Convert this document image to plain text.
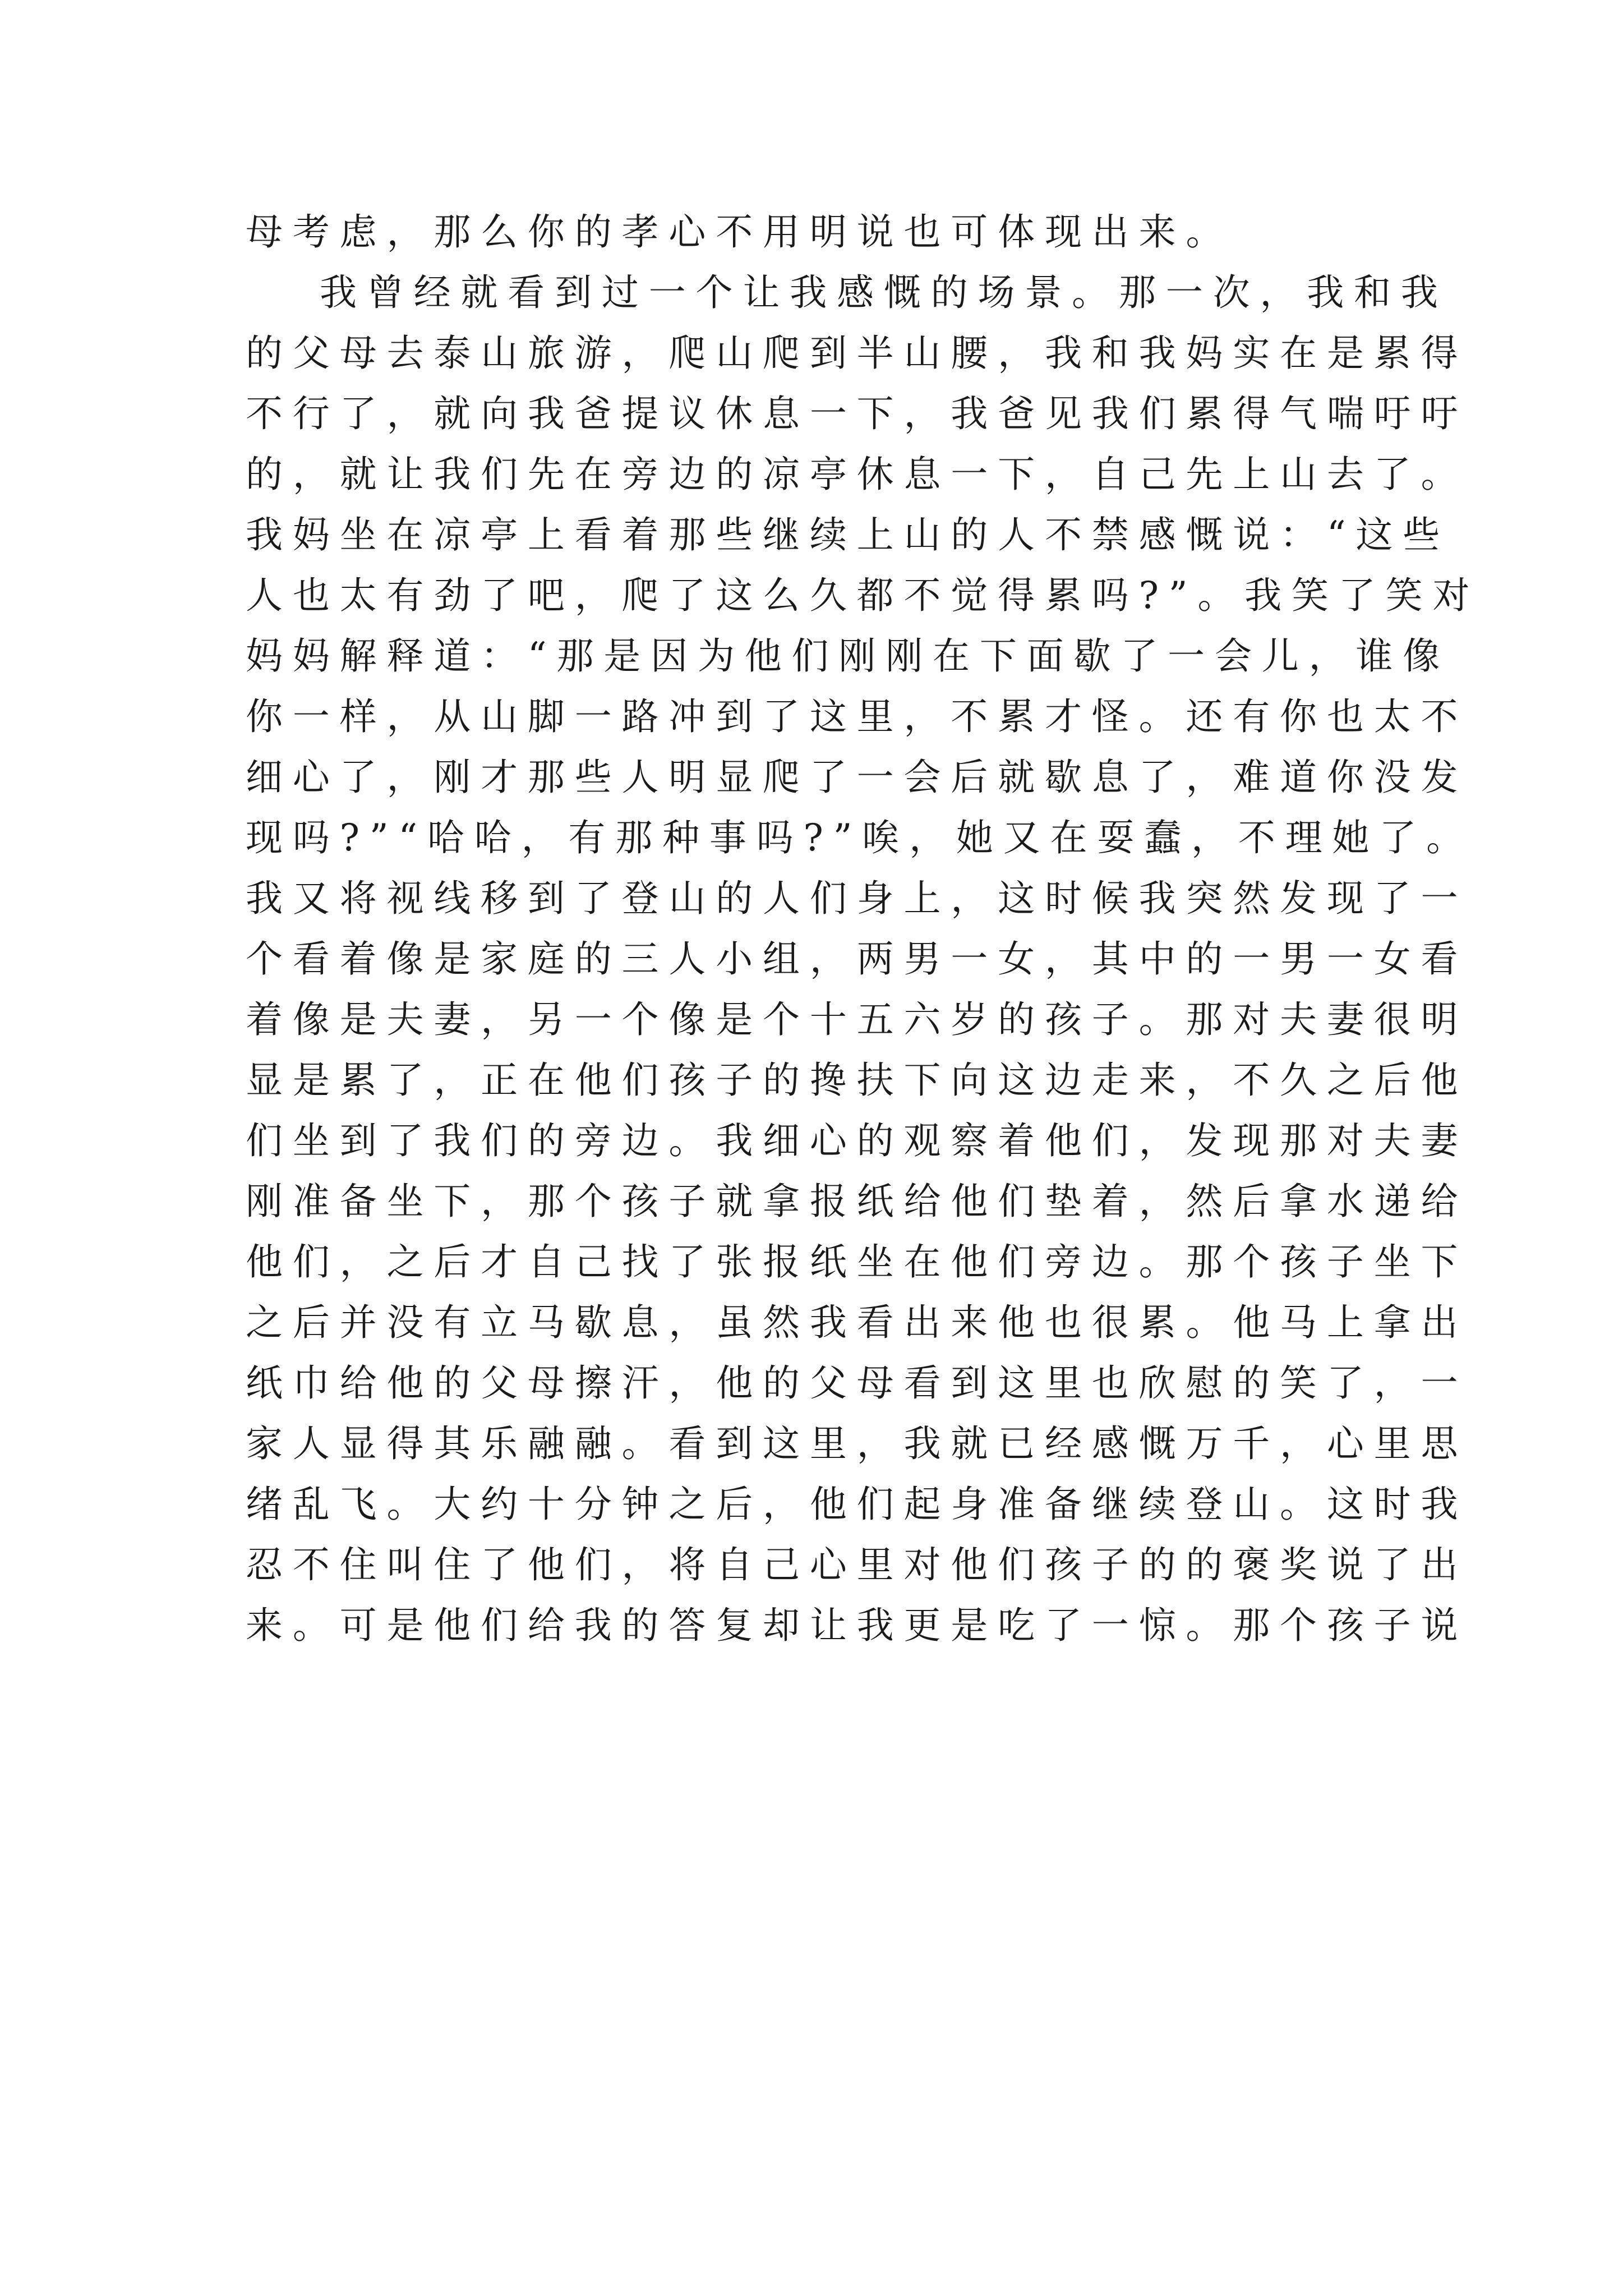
母考虑，那么你的孝心不用明说也可体现出来。
我曾经就看到过一个让我感慨的场景。那一次，我和我
的父母去泰山旅游，爬山爬到半山腰，我和我妈实在是累得
不行了，就向我爸提议休息一下，我爸见我们累得气喘吁吁
的，就让我们先在旁边的凉亭休息一下，自己先上山去了。
我妈坐在凉亭上看着那些继续上山的人不禁感慨说：“这些
人也太有劲了吧，爬了这么久都不觉得累吗?”。我笑了笑对
妈妈解释道：“那是因为他们刚刚在下面歇了一会儿，谁像
你一样，从山脚一路冲到了这里，不累才怪。还有你也太不
细心了，刚才那些人明显爬了一会后就歇息了，难道你没发
现吗?”“哈哈，有那种事吗?”唉，她又在耍蠢，不理她了。
我又将视线移到了登山的人们身上，这时候我突然发现了一
个看着像是家庭的三人小组，两男一女，其中的一男一女看
着像是夫妻，另一个像是个十五六岁的孩子。那对夫妻很明
显是累了，正在他们孩子的搀扶下向这边走来，不久之后他
们坐到了我们的旁边。我细心的观察着他们，发现那对夫妻
刚准备坐下，那个孩子就拿报纸给他们垫着，然后拿水递给
他们，之后才自己找了张报纸坐在他们旁边。那个孩子坐下
之后并没有立马歇息，虽然我看出来他也很累。他马上拿出
纸巾给他的父母擦汗，他的父母看到这里也欣慰的笑了，一
家人显得其乐融融。看到这里，我就已经感慨万千，心里思
绪乱飞。大约十分钟之后，他们起身准备继续登山。这时我
忍不住叫住了他们，将自己心里对他们孩子的的褒奖说了出
来。可是他们给我的答复却让我更是吃了一惊。那个孩子说
